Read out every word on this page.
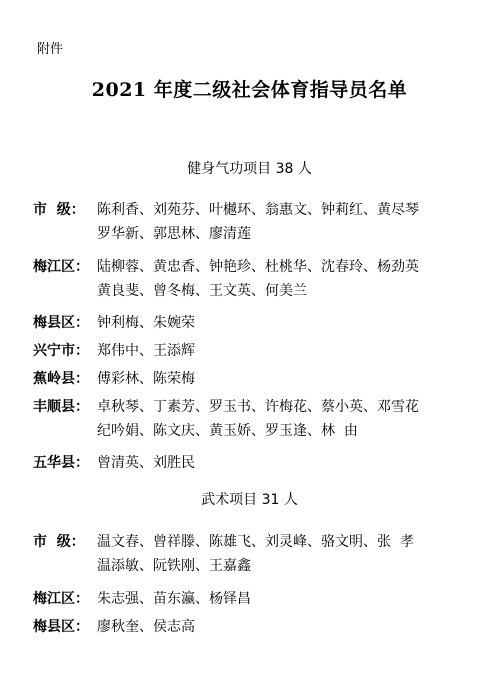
附件
2021 年度二级社会体育指导员名单
健身气功项目 38 人
市  级： 陈利香、刘苑芬、叶樾环、翁惠文、钟莉红、黄尽琴
罗华新、郭思林、廖清莲
梅江区： 陆柳蓉、黄忠香、钟艳珍、杜桃华、沈春玲、杨劲英
黄良斐、曾冬梅、王文英、何美兰
梅县区： 钟利梅、朱婉荣
兴宁市： 郑伟中、王添辉
蕉岭县： 傅彩林、陈荣梅
丰顺县： 卓秋琴、丁素芳、罗玉书、许梅花、蔡小英、邓雪花
纪吟娟、陈文庆、黄玉娇、罗玉逢、林  由
五华县： 曾清英、刘胜民
武术项目 31 人
市  级： 温文春、曾祥滕、陈雄飞、刘灵峰、骆文明、张  孝
温添敏、阮铁刚、王嘉鑫
梅江区： 朱志强、苗东瀛、杨铎昌
梅县区： 廖秋奎、侯志高
